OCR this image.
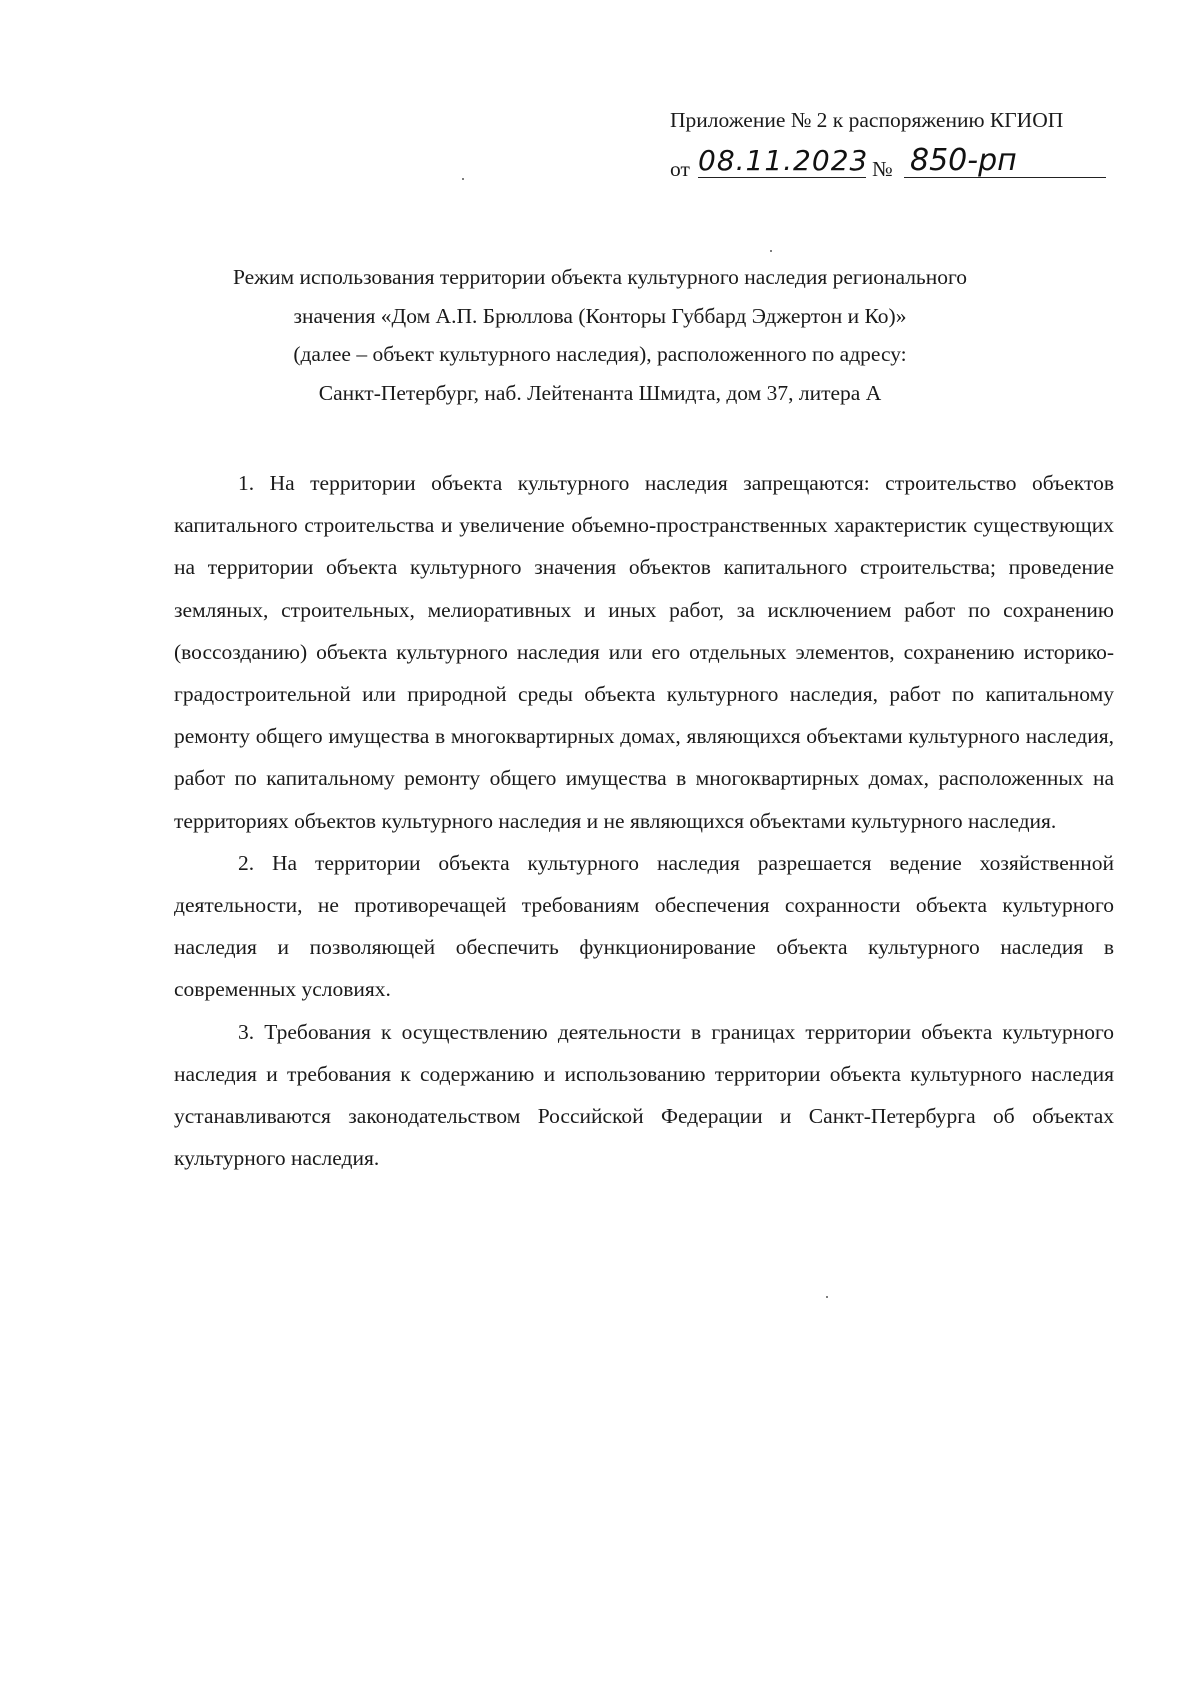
Приложение № 2 к распоряжению КГИОП
от 08.11.2023 № 850-рп
Режим использования территории объекта культурного наследия регионального
значения «Дом А.П. Брюллова (Конторы Губбард Эджертон и Ко)»
(далее – объект культурного наследия), расположенного по адресу:
Санкт-Петербург, наб. Лейтенанта Шмидта, дом 37, литера А

1. На территории объекта культурного наследия запрещаются: строительство объектов капитального строительства и увеличение объемно-пространственных характеристик существующих на территории объекта культурного значения объектов капитального строительства; проведение земляных, строительных, мелиоративных и иных работ, за исключением работ по сохранению (воссозданию) объекта культурного наследия или его отдельных элементов, сохранению историко-градостроительной или природной среды объекта культурного наследия, работ по капитальному ремонту общего имущества в многоквартирных домах, являющихся объектами культурного наследия, работ по капитальному ремонту общего имущества в многоквартирных домах, расположенных на территориях объектов культурного наследия и не являющихся объектами культурного наследия.

2. На территории объекта культурного наследия разрешается ведение хозяйственной деятельности, не противоречащей требованиям обеспечения сохранности объекта культурного наследия и позволяющей обеспечить функционирование объекта культурного наследия в современных условиях.

3. Требования к осуществлению деятельности в границах территории объекта культурного наследия и требования к содержанию и использованию территории объекта культурного наследия устанавливаются законодательством Российской Федерации и Санкт-Петербурга об объектах культурного наследия.
